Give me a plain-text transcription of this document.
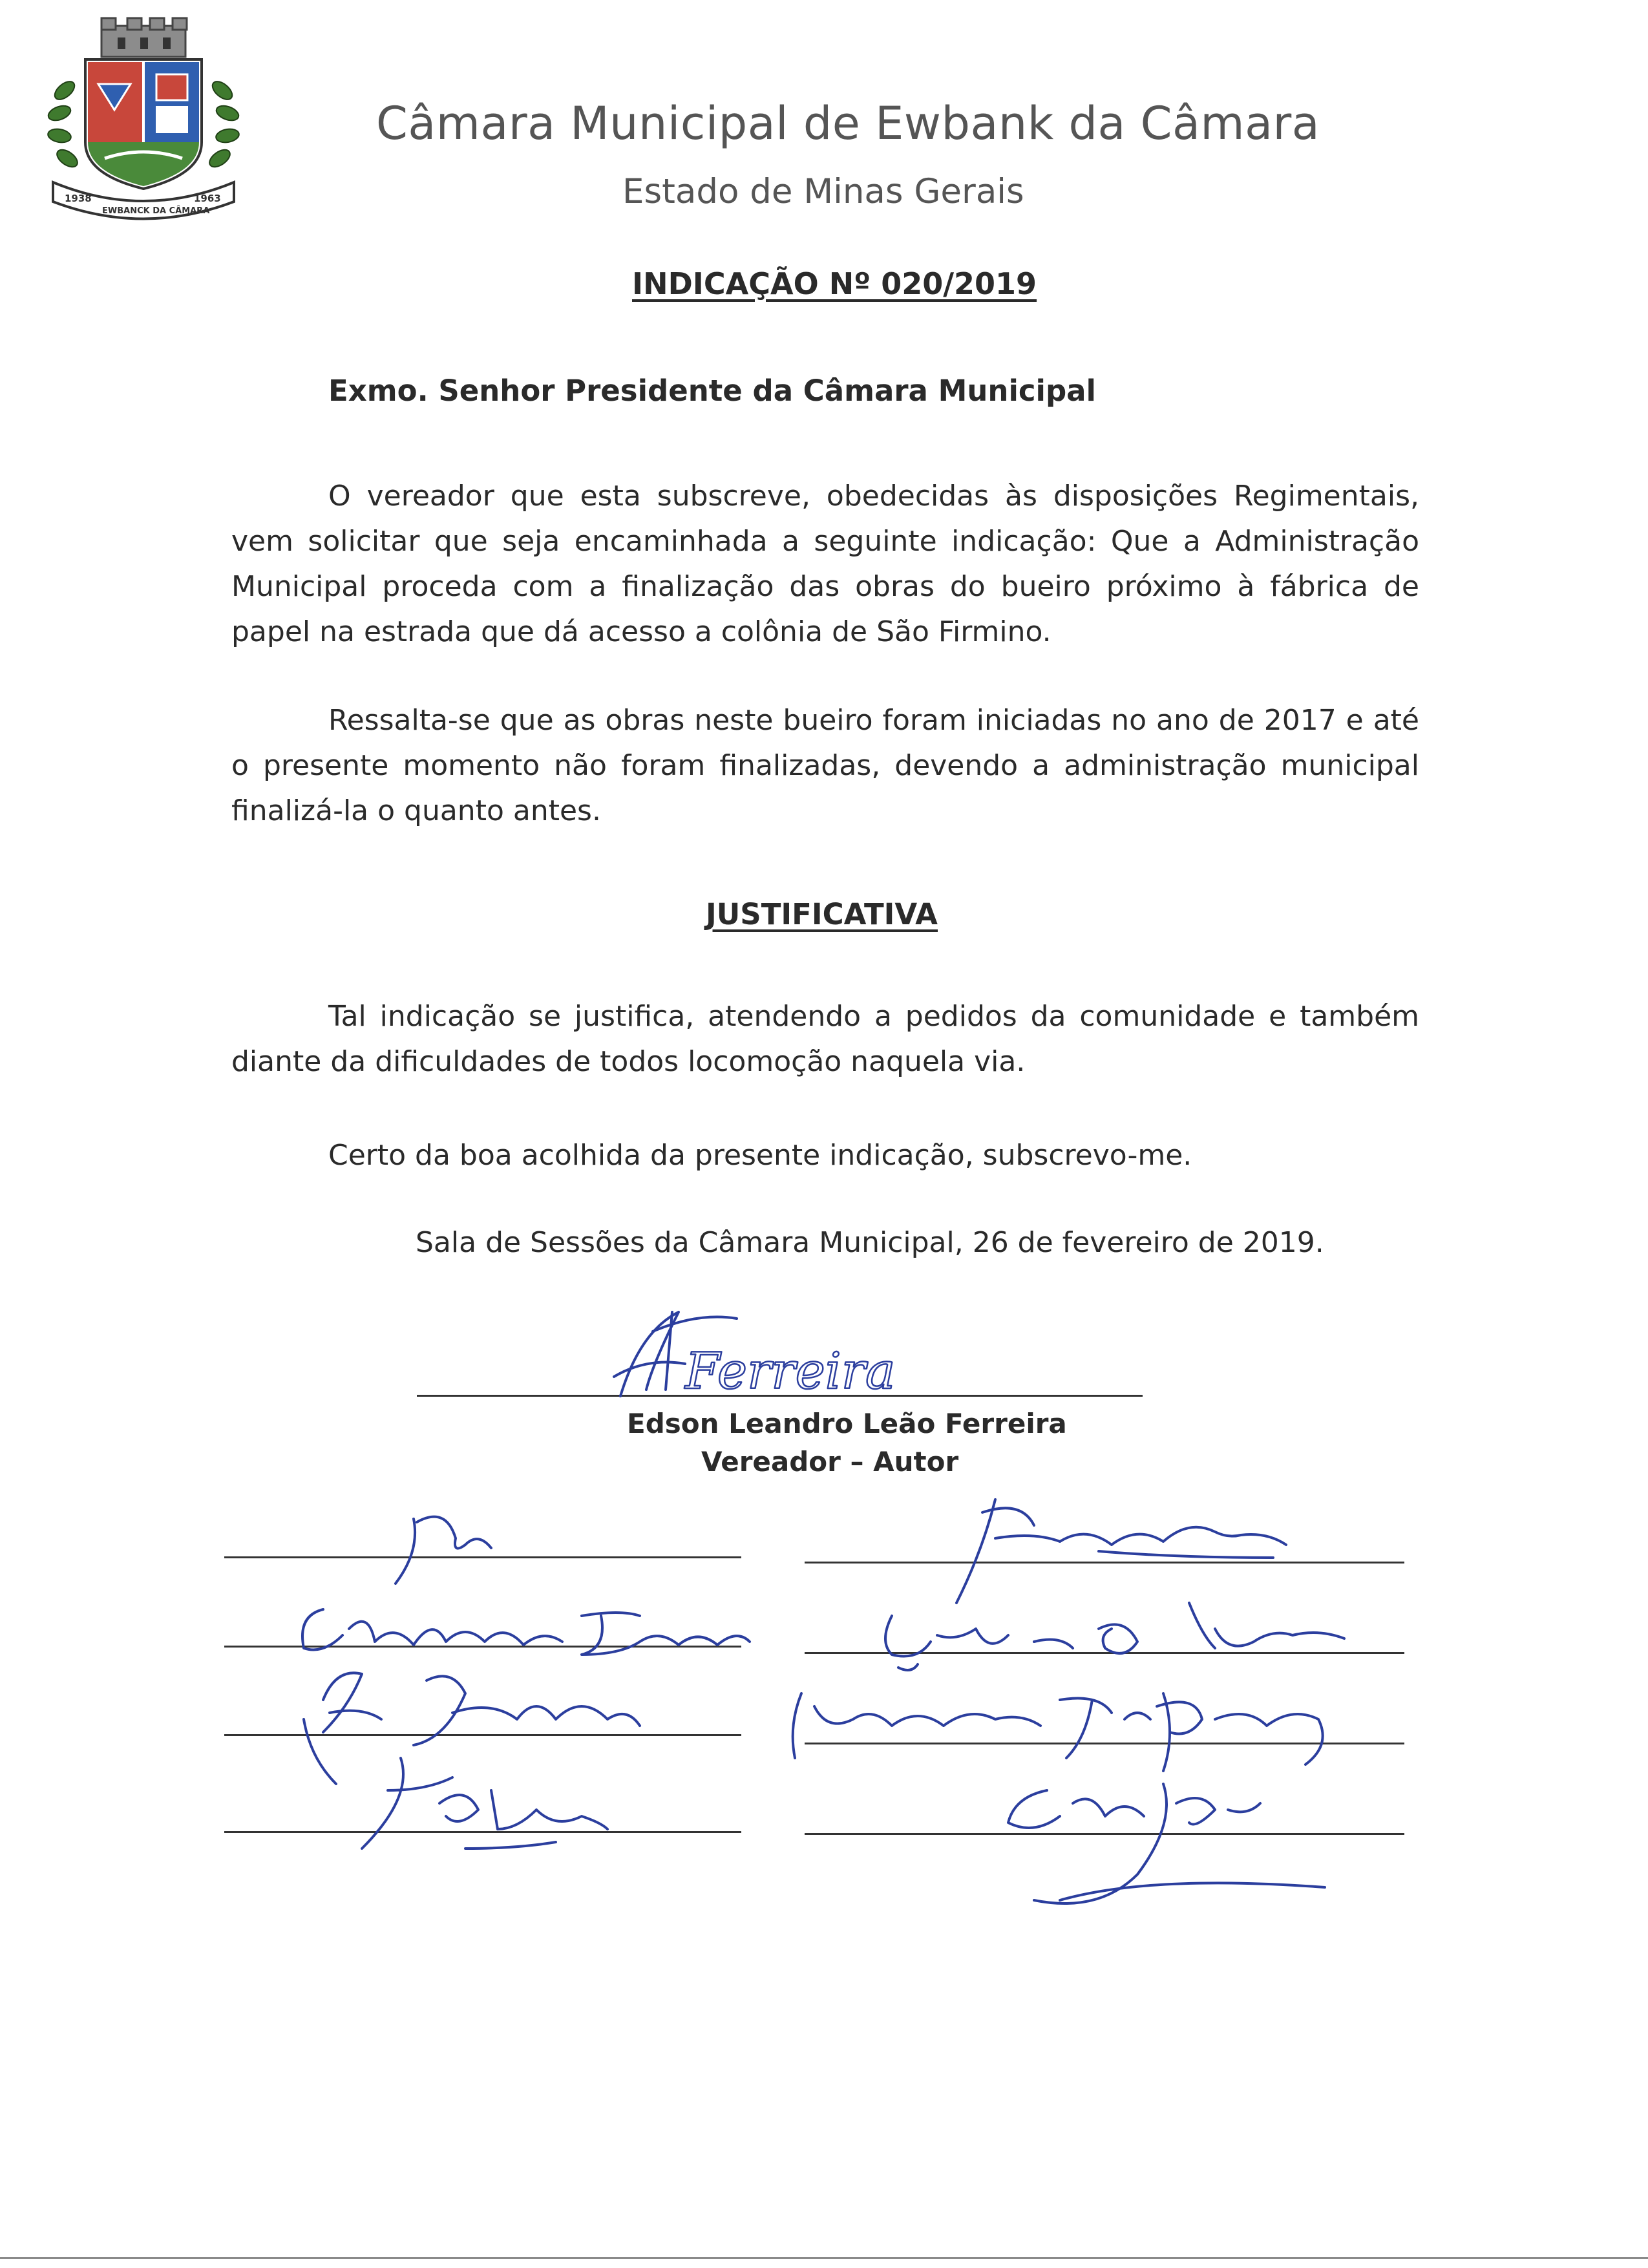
1938	1963
EWBANCK DA CÂMARA
Câmara Municipal de Ewbank da Câmara
Estado de Minas Gerais
INDICAÇÃO Nº 020/2019
Exmo. Senhor Presidente da Câmara Municipal

O vereador que esta subscreve, obedecidas às disposições Regimentais, vem solicitar que seja encaminhada a seguinte indicação: Que a Administração Municipal proceda com a finalização das obras do bueiro próximo à fábrica de papel na estrada que dá acesso a colônia de São Firmino.

Ressalta-se que as obras neste bueiro foram iniciadas no ano de 2017 e até o presente momento não foram finalizadas, devendo a administração municipal finalizá-la o quanto antes.

JUSTIFICATIVA

Tal indicação se justifica, atendendo a pedidos da comunidade e também diante da dificuldades de todos locomoção naquela via.

Certo da boa acolhida da presente indicação, subscrevo-me.

Sala de Sessões da Câmara Municipal, 26 de fevereiro de 2019.
Edson Leandro Leão Ferreira
Vereador – Autor
Ferreira
